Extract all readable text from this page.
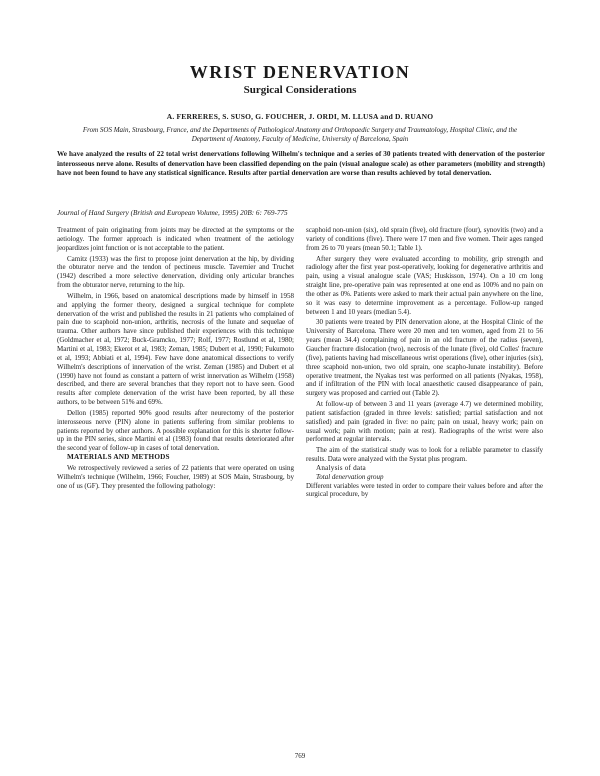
WRIST DENERVATION
Surgical Considerations

A. FERRERES, S. SUSO, G. FOUCHER, J. ORDI, M. LLUSA and D. RUANO

From SOS Main, Strasbourg, France, and the Departments of Pathological Anatomy and Orthopaedic Surgery and Traumatology, Hospital Clinic, and the Department of Anatomy, Faculty of Medicine, University of Barcelona, Spain

We have analyzed the results of 22 total wrist denervations following Wilhelm's technique and a series of 30 patients treated with denervation of the posterior interosseous nerve alone. Results of denervation have been classified depending on the pain (visual analogue scale) as other parameters (mobility and strength) have not been found to have any statistical significance. Results after partial denervation are worse than results achieved by total denervation.

Journal of Hand Surgery (British and European Volume, 1995) 20B: 6: 769-775

Treatment of pain originating from joints may be directed at the symptoms or the aetiology. The former approach is indicated when treatment of the aetiology jeopardizes joint function or is not acceptable to the patient.

Camitz (1933) was the first to propose joint denervation at the hip, by dividing the obturator nerve and the tendon of pectineus muscle. Tavernier and Truchet (1942) described a more selective denervation, dividing only articular branches from the obturator nerve, returning to the hip.

Wilhelm, in 1966, based on anatomical descriptions made by himself in 1958 and applying the former theory, designed a surgical technique for complete denervation of the wrist and published the results in 21 patients who complained of pain due to scaphoid non-union, arthritis, necrosis of the lunate and sequelae of trauma. Other authors have since published their experiences with this technique (Goldmacher et al, 1972; Buck-Gramcko, 1977; Rolf, 1977; Rostlund et al, 1980; Martini et al, 1983; Ekerot et al, 1983; Zeman, 1985; Dubert et al, 1990; Fukumoto et al, 1993; Abbiati et al, 1994). Few have done anatomical dissections to verify Wilhelm's descriptions of innervation of the wrist. Zeman (1985) and Dubert et al (1990) have not found as constant a pattern of wrist innervation as Wilhelm (1958) described, and there are several branches that they report not to have seen. Good results after complete denervation of the wrist have been reported, by all these authors, to be between 51% and 69%.

Dellon (1985) reported 90% good results after neurectomy of the posterior interosseous nerve (PIN) alone in patients suffering from similar problems to patients reported by other authors. A possible explanation for this is shorter follow-up in the PIN series, since Martini et al (1983) found that results deteriorated after the second year of follow-up in cases of total denervation.

MATERIALS AND METHODS

We retrospectively reviewed a series of 22 patients that were operated on using Wilhelm's technique (Wilhelm, 1966; Foucher, 1989) at SOS Main, Strasbourg, by one of us (GF). They presented the following pathology:

scaphoid non-union (six), old sprain (five), old fracture (four), synovitis (two) and a variety of conditions (five). There were 17 men and five women. Their ages ranged from 26 to 70 years (mean 50.1; Table 1).

After surgery they were evaluated according to mobility, grip strength and radiology after the first year post-operatively, looking for degenerative arthritis and pain, using a visual analogue scale (VAS; Huskisson, 1974). On a 10 cm long straight line, pre-operative pain was represented at one end as 100% and no pain on the other as 0%. Patients were asked to mark their actual pain anywhere on the line, so it was easy to determine improvement as a percentage. Follow-up ranged between 1 and 10 years (median 5.4).

30 patients were treated by PIN denervation alone, at the Hospital Clinic of the University of Barcelona. There were 20 men and ten women, aged from 21 to 56 years (mean 34.4) complaining of pain in an old fracture of the radius (seven), Gaucher fracture dislocation (two), necrosis of the lunate (five), old Colles' fracture (five), patients having had miscellaneous wrist operations (five), other injuries (six), three scaphoid non-union, two old sprain, one scapho-lunate instability). Before operative treatment, the Nyakas test was performed on all patients (Nyakas, 1958), and if infiltration of the PIN with local anaesthetic caused disappearance of pain, surgery was proposed and carried out (Table 2).

At follow-up of between 3 and 11 years (average 4.7) we determined mobility, patient satisfaction (graded in three levels: satisfied; partial satisfaction and not satisfied) and pain (graded in five: no pain; pain on usual, heavy work; pain on usual work; pain with motion; pain at rest). Radiographs of the wrist were also performed at regular intervals.

The aim of the statistical study was to look for a reliable parameter to classify results. Data were analyzed with the Systat plus program.

Analysis of data

Total denervation group

Different variables were tested in order to compare their values before and after the surgical procedure, by

769
